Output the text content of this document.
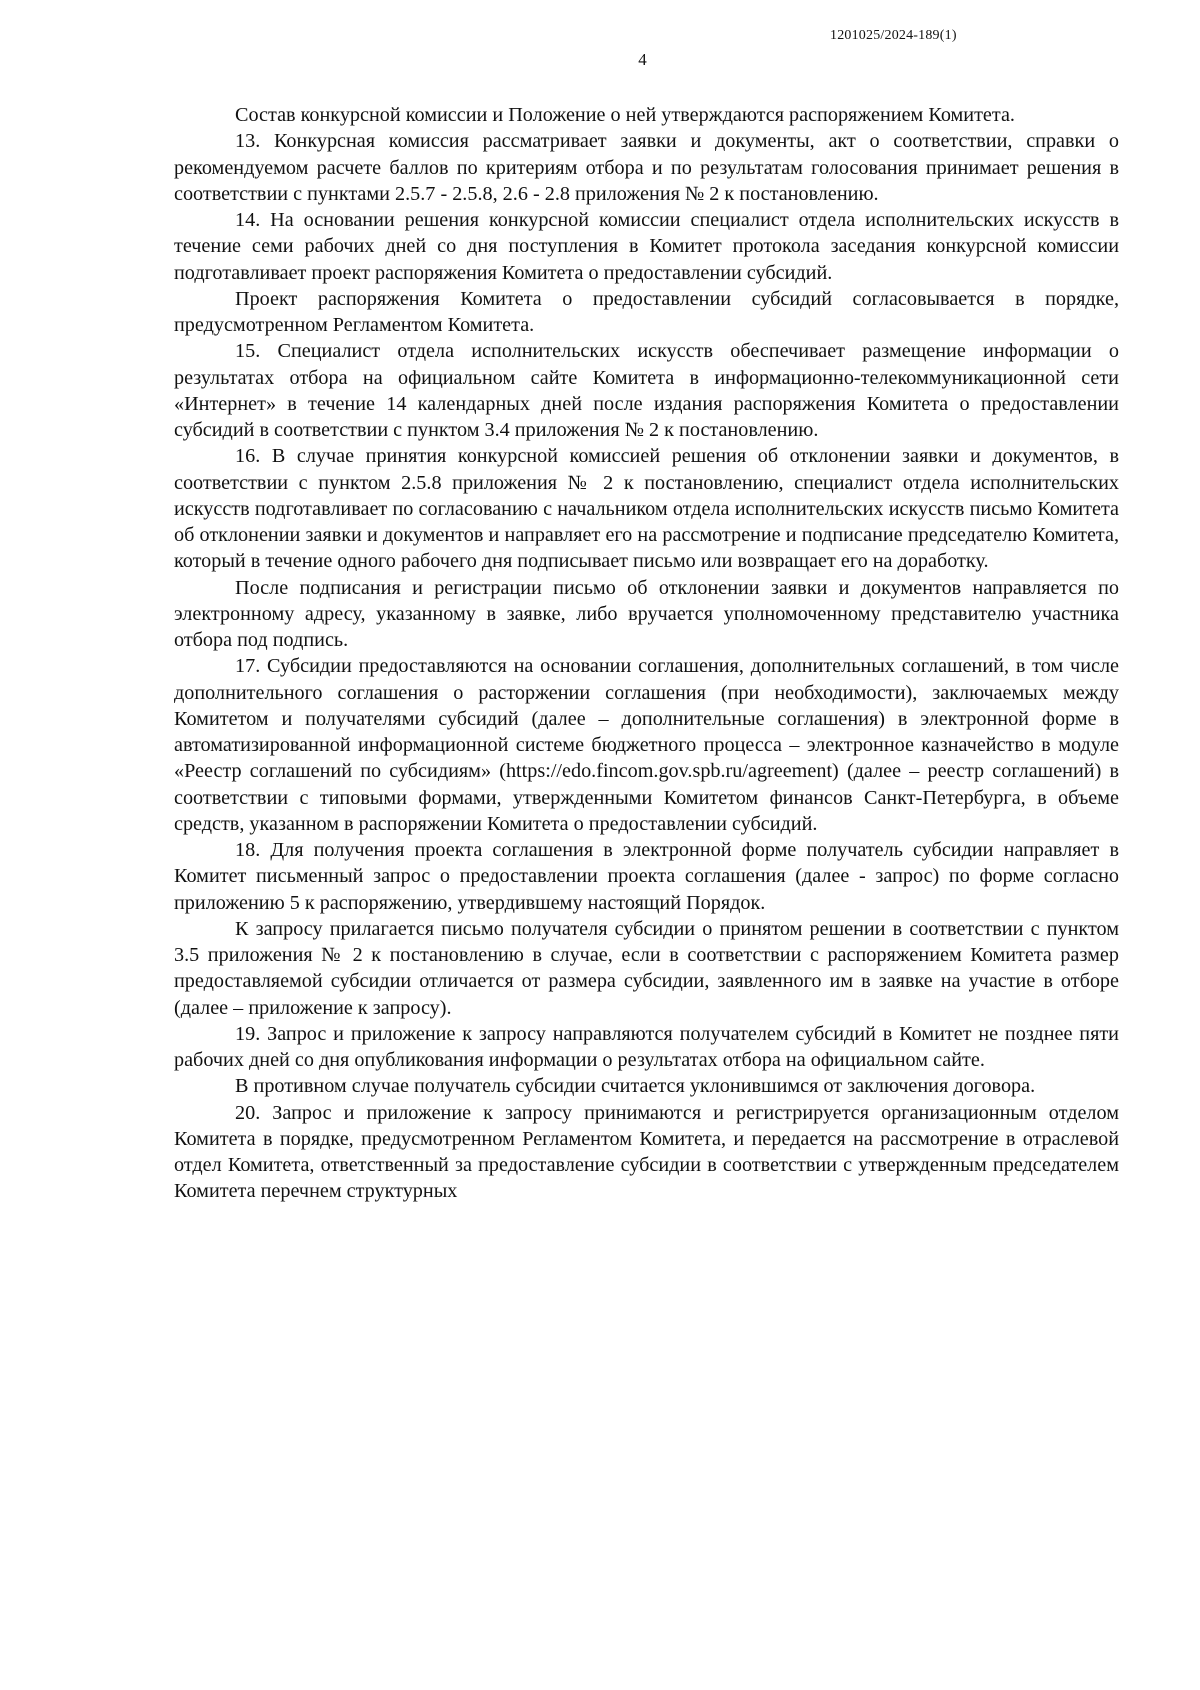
1201025/2024-189(1)
4

Состав конкурсной комиссии и Положение о ней утверждаются распоряжением Комитета.

13. Конкурсная комиссия рассматривает заявки и документы, акт о соответствии, справки о рекомендуемом расчете баллов по критериям отбора и по результатам голосования принимает решения в соответствии с пунктами 2.5.7 - 2.5.8, 2.6 - 2.8 приложения № 2 к постановлению.

14. На основании решения конкурсной комиссии специалист отдела исполнительских искусств в течение семи рабочих дней со дня поступления в Комитет протокола заседания конкурсной комиссии подготавливает проект распоряжения Комитета о предоставлении субсидий.

Проект распоряжения Комитета о предоставлении субсидий согласовывается в порядке, предусмотренном Регламентом Комитета.

15. Специалист отдела исполнительских искусств обеспечивает размещение информации о результатах отбора на официальном сайте Комитета в информационно-телекоммуникационной сети «Интернет» в течение 14 календарных дней после издания распоряжения Комитета о предоставлении субсидий в соответствии с пунктом 3.4 приложения № 2 к постановлению.

16. В случае принятия конкурсной комиссией решения об отклонении заявки и документов, в соответствии с пунктом 2.5.8 приложения № 2 к постановлению, специалист отдела исполнительских искусств подготавливает по согласованию с начальником отдела исполнительских искусств письмо Комитета об отклонении заявки и документов и направляет его на рассмотрение и подписание председателю Комитета, который в течение одного рабочего дня подписывает письмо или возвращает его на доработку.

После подписания и регистрации письмо об отклонении заявки и документов направляется по электронному адресу, указанному в заявке, либо вручается уполномоченному представителю участника отбора под подпись.

17. Субсидии предоставляются на основании соглашения, дополнительных соглашений, в том числе дополнительного соглашения о расторжении соглашения (при необходимости), заключаемых между Комитетом и получателями субсидий (далее – дополнительные соглашения) в электронной форме в автоматизированной информационной системе бюджетного процесса – электронное казначейство в модуле «Реестр соглашений по субсидиям» (https://edo.fincom.gov.spb.ru/agreement) (далее – реестр соглашений) в соответствии с типовыми формами, утвержденными Комитетом финансов Санкт-Петербурга, в объеме средств, указанном в распоряжении Комитета о предоставлении субсидий.

18. Для получения проекта соглашения в электронной форме получатель субсидии направляет в Комитет письменный запрос о предоставлении проекта соглашения (далее - запрос) по форме согласно приложению 5 к распоряжению, утвердившему настоящий Порядок.

К запросу прилагается письмо получателя субсидии о принятом решении в соответствии с пунктом 3.5 приложения № 2 к постановлению в случае, если в соответствии с распоряжением Комитета размер предоставляемой субсидии отличается от размера субсидии, заявленного им в заявке на участие в отборе (далее – приложение к запросу).

19. Запрос и приложение к запросу направляются получателем субсидий в Комитет не позднее пяти рабочих дней со дня опубликования информации о результатах отбора на официальном сайте.

В противном случае получатель субсидии считается уклонившимся от заключения договора.

20. Запрос и приложение к запросу принимаются и регистрируется организационным отделом Комитета в порядке, предусмотренном Регламентом Комитета, и передается на рассмотрение в отраслевой отдел Комитета, ответственный за предоставление субсидии в соответствии с утвержденным председателем Комитета перечнем структурных
